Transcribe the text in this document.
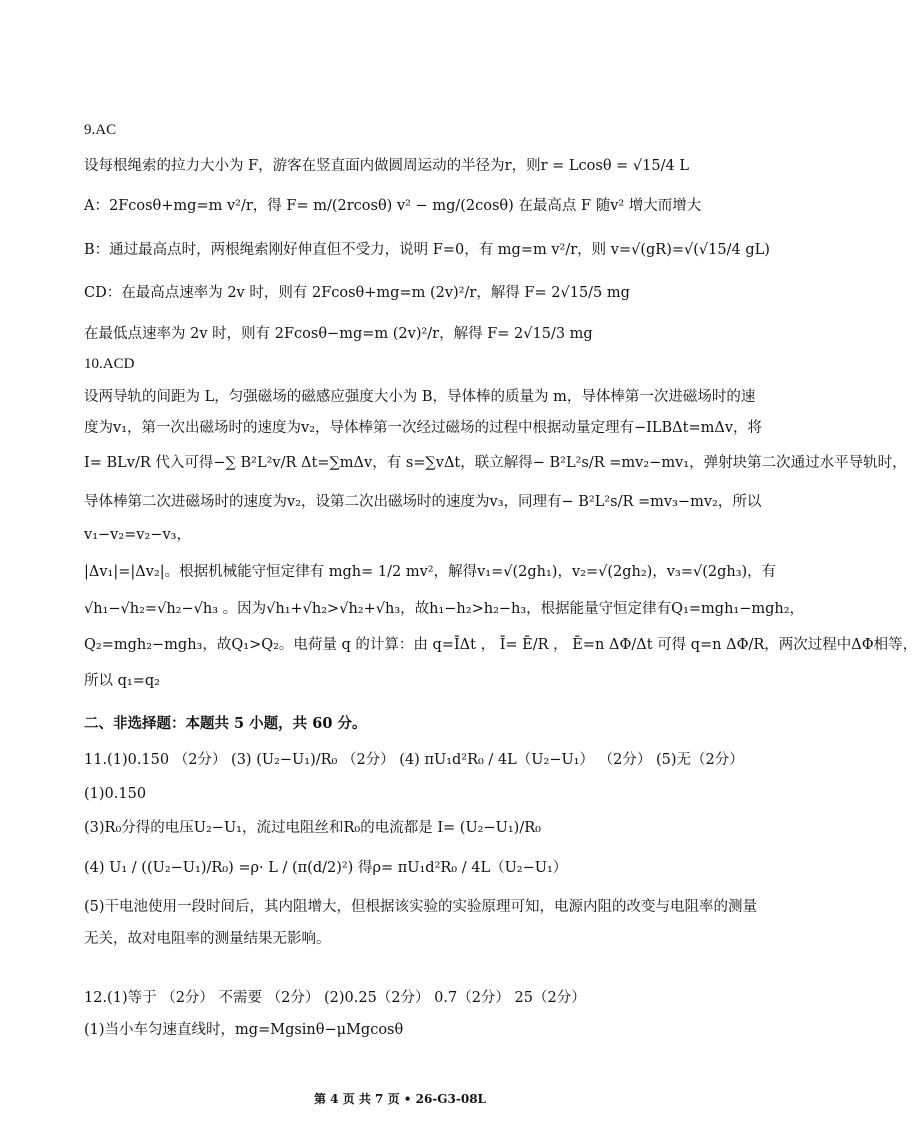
9.AC
设每根绳索的拉力大小为 F，游客在竖直面内做圆周运动的半径为r，则r = Lcosθ = √15/4 L
A：2Fcosθ+mg=m v²/r，得 F= m/(2rcosθ) v² − mg/(2cosθ) 在最高点 F 随v² 增大而增大
B：通过最高点时，两根绳索刚好伸直但不受力，说明 F=0，有 mg=m v²/r，则 v=√(gR)=√(√15/4 gL)
CD：在最高点速率为 2v 时，则有 2Fcosθ+mg=m (2v)²/r，解得 F= 2√15/5 mg
在最低点速率为 2v 时，则有 2Fcosθ−mg=m (2v)²/r，解得 F= 2√15/3 mg
10.ACD
设两导轨的间距为 L，匀强磁场的磁感应强度大小为 B，导体棒的质量为 m，导体棒第一次进磁场时的速
度为v₁，第一次出磁场时的速度为v₂，导体棒第一次经过磁场的过程中根据动量定理有−ILBΔt=mΔv，将
I= BLv/R 代入可得−∑ B²L²v/R Δt=∑mΔv，有 s=∑vΔt，联立解得− B²L²s/R =mv₂−mv₁，弹射块第二次通过水平导轨时，
导体棒第二次进磁场时的速度为v₂，设第二次出磁场时的速度为v₃，同理有− B²L²s/R =mv₃−mv₂，所以
v₁−v₂=v₂−v₃，
|Δv₁|=|Δv₂|。根据机械能守恒定律有 mgh= 1/2 mv²，解得v₁=√(2gh₁)，v₂=√(2gh₂)，v₃=√(2gh₃)，有
√h₁−√h₂=√h₂−√h₃ 。因为√h₁+√h₂>√h₂+√h₃，故h₁−h₂>h₂−h₃，根据能量守恒定律有Q₁=mgh₁−mgh₂，
Q₂=mgh₂−mgh₃，故Q₁>Q₂。电荷量 q 的计算：由 q=ĪΔt ， Ī= Ē/R ， Ē=n ΔΦ/Δt 可得 q=n ΔΦ/R，两次过程中ΔΦ相等，
所以 q₁=q₂
二、非选择题：本题共 5 小题，共 60 分。
11.(1)0.150 （2分） (3) (U₂−U₁)/R₀ （2分） (4) πU₁d²R₀ / 4L（U₂−U₁） （2分） (5)无（2分）
(1)0.150
(3)R₀分得的电压U₂−U₁，流过电阻丝和R₀的电流都是 I= (U₂−U₁)/R₀
(4) U₁ / ((U₂−U₁)/R₀) =ρ· L / (π(d/2)²) 得ρ= πU₁d²R₀ / 4L（U₂−U₁）
(5)干电池使用一段时间后，其内阻增大，但根据该实验的实验原理可知，电源内阻的改变与电阻率的测量
无关，故对电阻率的测量结果无影响。
12.(1)等于 （2分） 不需要 （2分） (2)0.25（2分） 0.7（2分） 25（2分）
(1)当小车匀速直线时，mg=Mgsinθ−μMgcosθ
第 4 页 共 7 页 • 26-G3-08L
